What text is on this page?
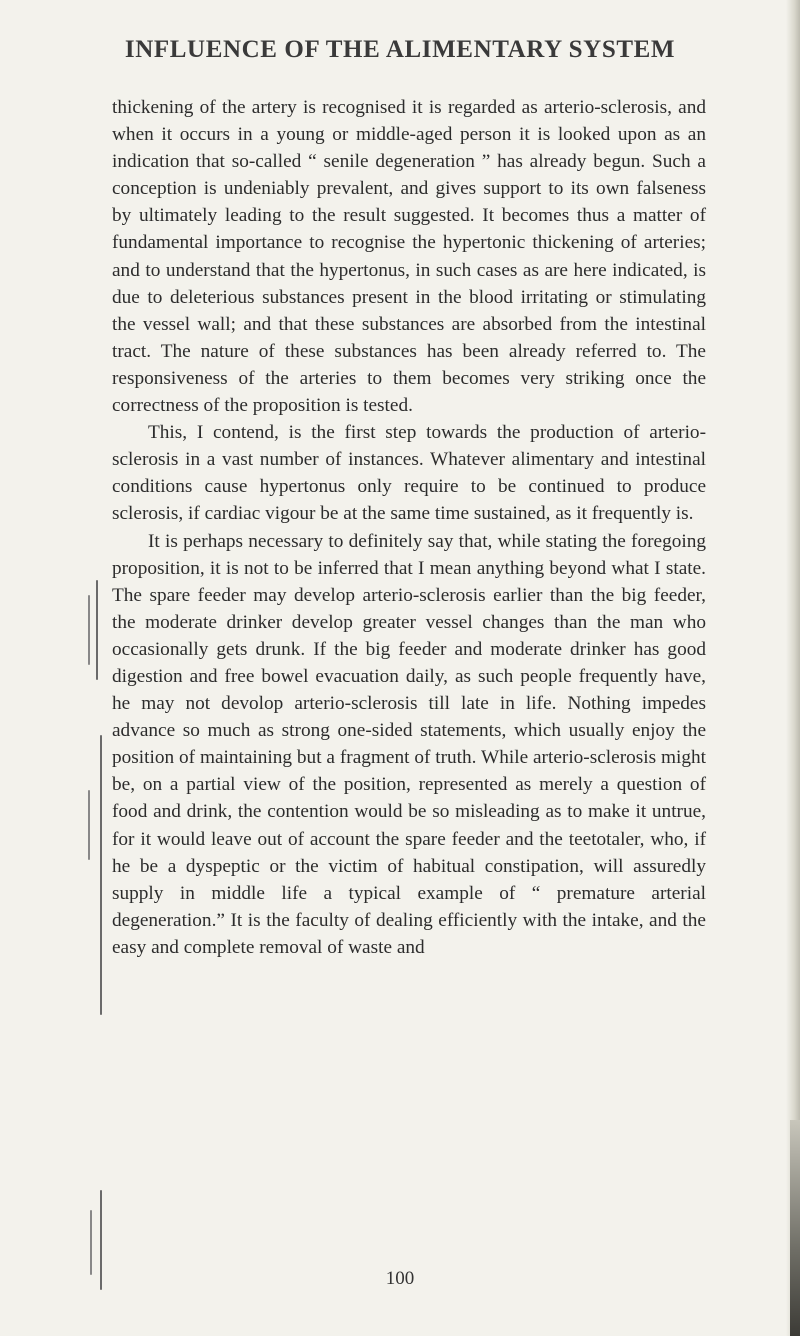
INFLUENCE OF THE ALIMENTARY SYSTEM

thickening of the artery is recognised it is regarded as arterio-sclerosis, and when it occurs in a young or middle-aged person it is looked upon as an indication that so-called “ senile degeneration ” has already begun. Such a conception is undeniably prevalent, and gives support to its own falseness by ultimately leading to the result suggested. It becomes thus a matter of fundamental importance to recognise the hypertonic thickening of arteries; and to understand that the hypertonus, in such cases as are here indicated, is due to deleterious substances present in the blood irritating or stimulating the vessel wall; and that these substances are absorbed from the intestinal tract. The nature of these substances has been already referred to. The responsiveness of the arteries to them becomes very striking once the correctness of the proposition is tested.

This, I contend, is the first step towards the production of arterio-sclerosis in a vast number of instances. Whatever alimentary and intestinal conditions cause hypertonus only require to be continued to produce sclerosis, if cardiac vigour be at the same time sustained, as it frequently is.

It is perhaps necessary to definitely say that, while stating the foregoing proposition, it is not to be inferred that I mean anything beyond what I state. The spare feeder may develop arterio-sclerosis earlier than the big feeder, the moderate drinker develop greater vessel changes than the man who occasionally gets drunk. If the big feeder and moderate drinker has good digestion and free bowel evacuation daily, as such people frequently have, he may not devolop arterio-sclerosis till late in life. Nothing impedes advance so much as strong one-sided statements, which usually enjoy the position of maintaining but a fragment of truth. While arterio-sclerosis might be, on a partial view of the position, represented as merely a question of food and drink, the contention would be so misleading as to make it untrue, for it would leave out of account the spare feeder and the teetotaler, who, if he be a dyspeptic or the victim of habitual constipation, will assuredly supply in middle life a typical example of “ premature arterial degeneration.” It is the faculty of dealing efficiently with the intake, and the easy and complete removal of waste and

100
